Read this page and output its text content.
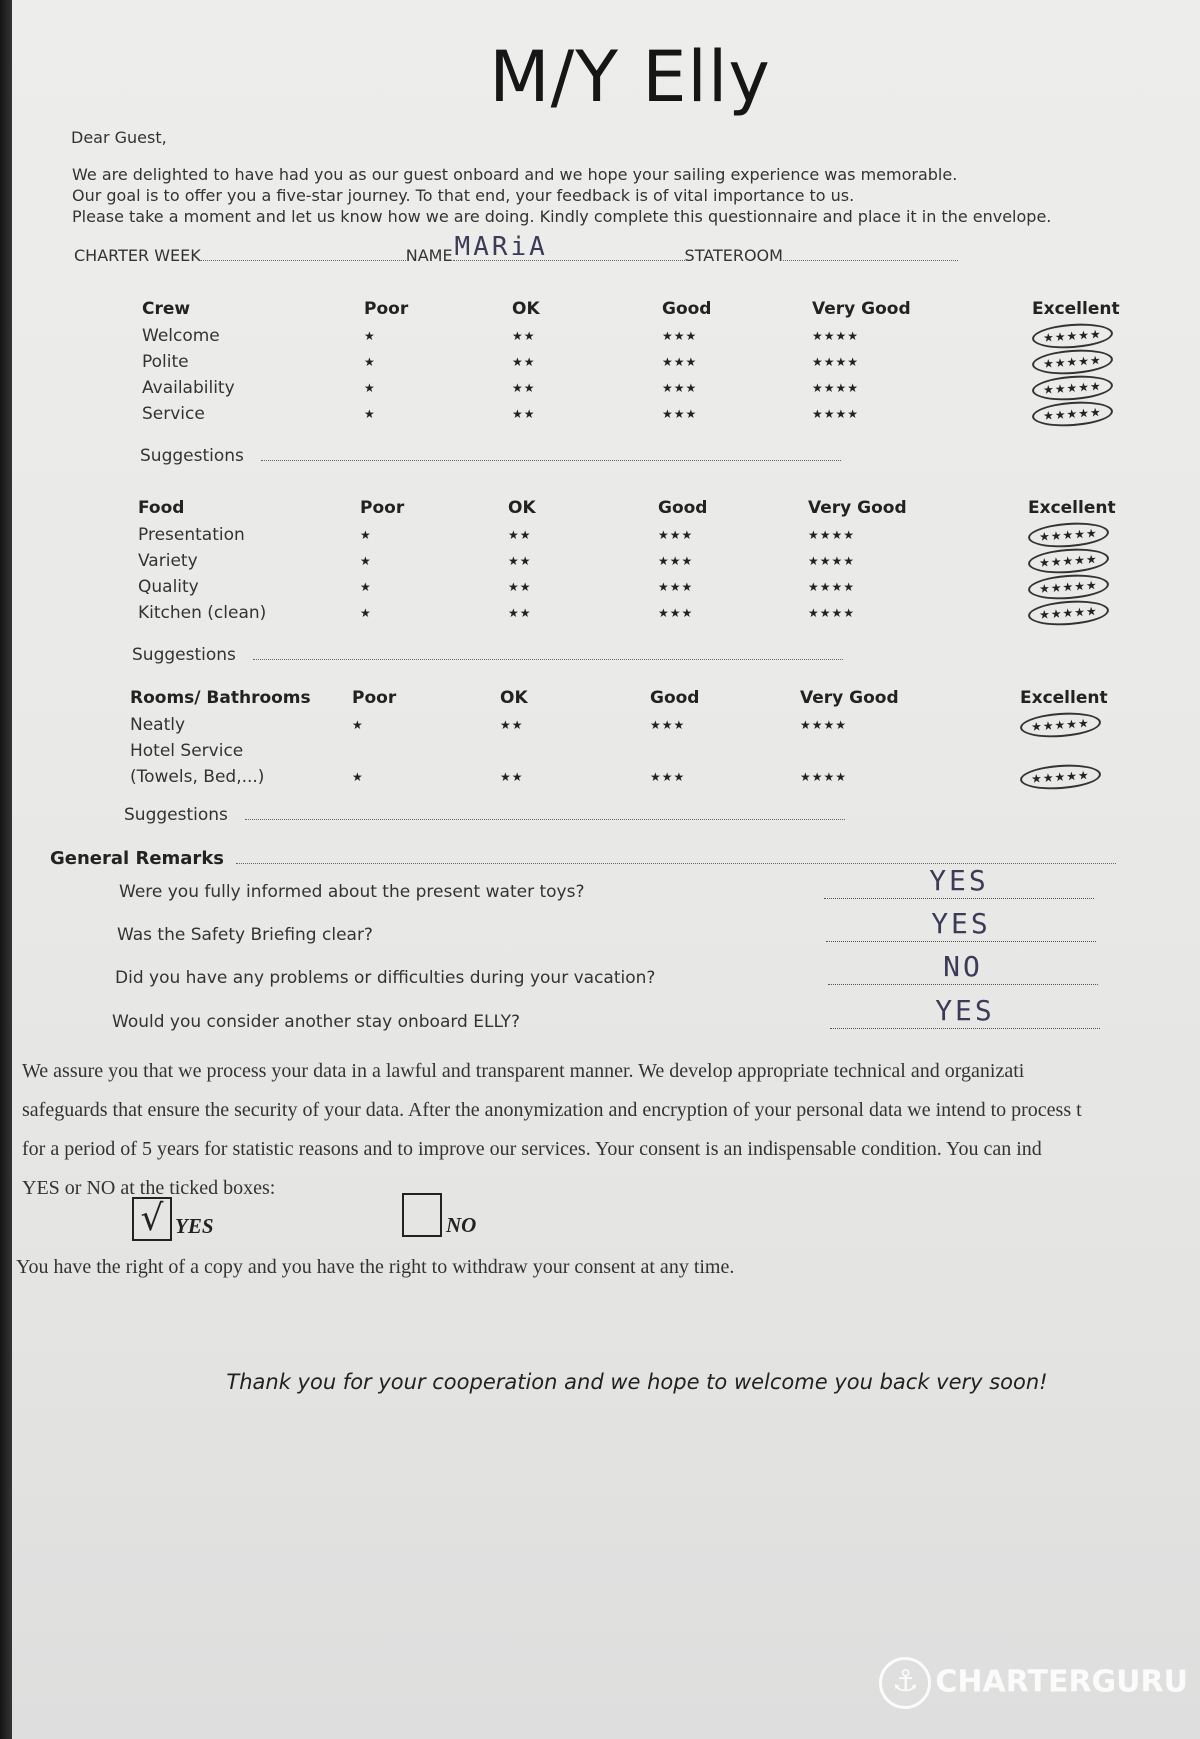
M/Y Elly
Dear Guest,
We are delighted to have had you as our guest onboard and we hope your sailing experience was memorable.
Our goal is to offer you a five-star journey. To that end, your feedback is of vital importance to us.
Please take a moment and let us know how we are doing. Kindly complete this questionnaire and place it in the envelope.
CHARTER WEEK	NAME MARiA	STATEROOM
Crew	Poor	OK	Good	Very Good	Excellent
Welcome	★	★★	★★★	★★★★	★★★★★
Polite	★	★★	★★★	★★★★	★★★★★
Availability	★	★★	★★★	★★★★	★★★★★
Service	★	★★	★★★	★★★★	★★★★★
Suggestions
Food	Poor	OK	Good	Very Good	Excellent
Presentation	★	★★	★★★	★★★★	★★★★★
Variety	★	★★	★★★	★★★★	★★★★★
Quality	★	★★	★★★	★★★★	★★★★★
Kitchen (clean)	★	★★	★★★	★★★★	★★★★★
Suggestions
Rooms/ Bathrooms	Poor	OK	Good	Very Good	Excellent
Neatly	★	★★	★★★	★★★★	★★★★★
Hotel Service					
(Towels, Bed,...)	★	★★	★★★	★★★★	★★★★★
Suggestions
General Remarks
Were you fully informed about the present water toys?	YES
Was the Safety Briefing clear?	YES
Did you have any problems or difficulties during your vacation?	NO
Would you consider another stay onboard ELLY?	YES
We assure you that we process your data in a lawful and transparent manner. We develop appropriate technical and organizati
safeguards that ensure the security of your data. After the anonymization and encryption of your personal data we intend to process t
for a period of 5 years for statistic reasons and to improve our services. Your consent is an indispensable condition. You can ind
YES or NO at the ticked boxes:
√ YES	NO
You have the right of a copy and you have the right to withdraw your consent at any time.
Thank you for your cooperation and we hope to welcome you back very soon!
⚓ CHARTERGURU
